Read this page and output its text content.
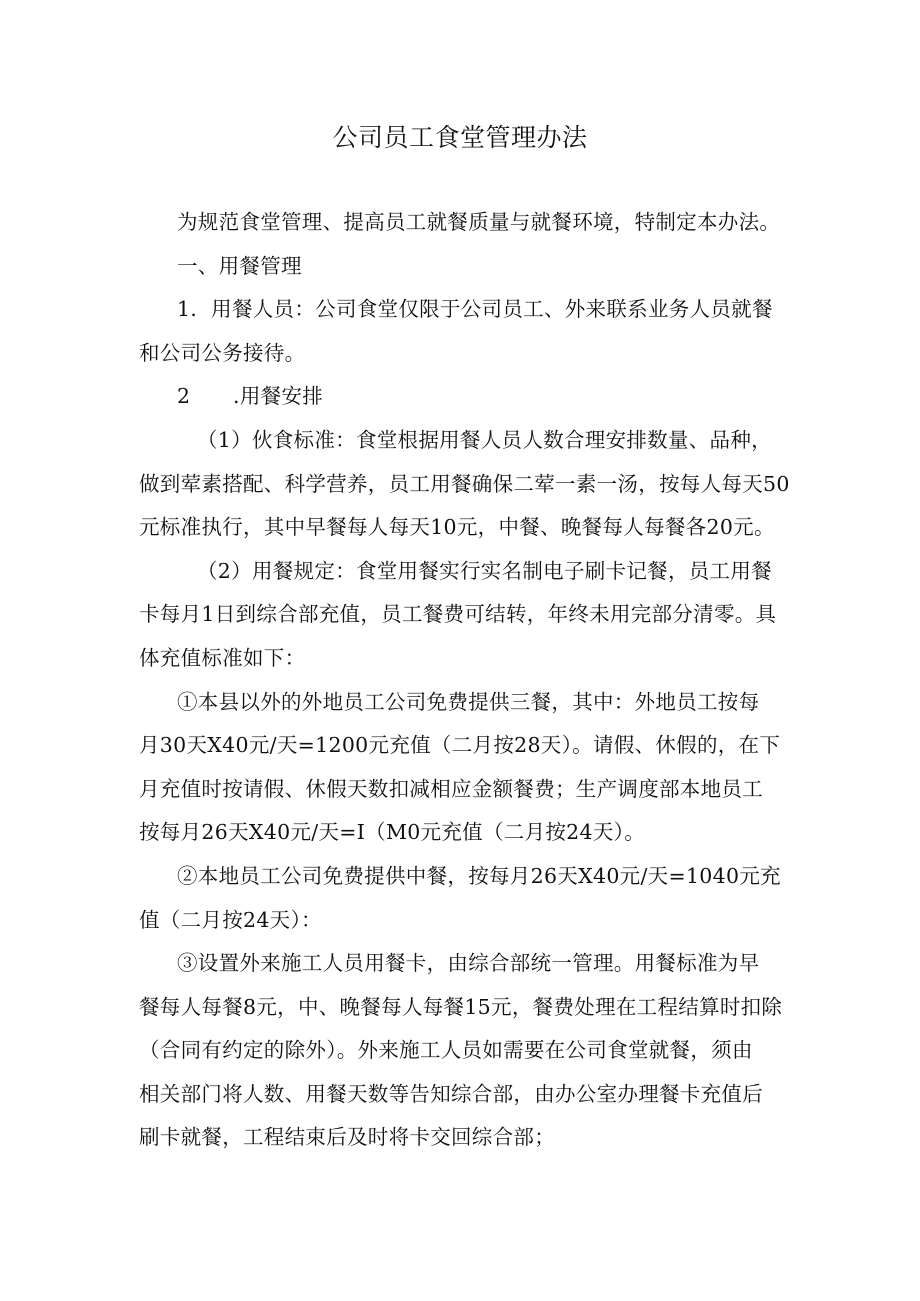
公司员工食堂管理办法
为规范食堂管理、提高员工就餐质量与就餐环境，特制定本办法。
一、用餐管理
1．用餐人员：公司食堂仅限于公司员工、外来联系业务人员就餐
和公司公务接待。
2 .用餐安排
（1）伙食标准：食堂根据用餐人员人数合理安排数量、品种，
做到荤素搭配、科学营养，员工用餐确保二荤一素一汤，按每人每天50
元标准执行，其中早餐每人每天10元，中餐、晚餐每人每餐各20元。
（2）用餐规定：食堂用餐实行实名制电子刷卡记餐，员工用餐
卡每月1日到综合部充值，员工餐费可结转，年终未用完部分清零。具
体充值标准如下：
①本县以外的外地员工公司免费提供三餐，其中：外地员工按每
月30天X40元/天=1200元充值（二月按28天）。请假、休假的，在下
月充值时按请假、休假天数扣减相应金额餐费；生产调度部本地员工
按每月26天X40元/天=I（M0元充值（二月按24天）。
②本地员工公司免费提供中餐，按每月26天X40元/天=1040元充
值（二月按24天）：
③设置外来施工人员用餐卡，由综合部统一管理。用餐标准为早
餐每人每餐8元，中、晚餐每人每餐15元，餐费处理在工程结算时扣除
（合同有约定的除外）。外来施工人员如需要在公司食堂就餐，须由
相关部门将人数、用餐天数等告知综合部，由办公室办理餐卡充值后
刷卡就餐，工程结束后及时将卡交回综合部；
